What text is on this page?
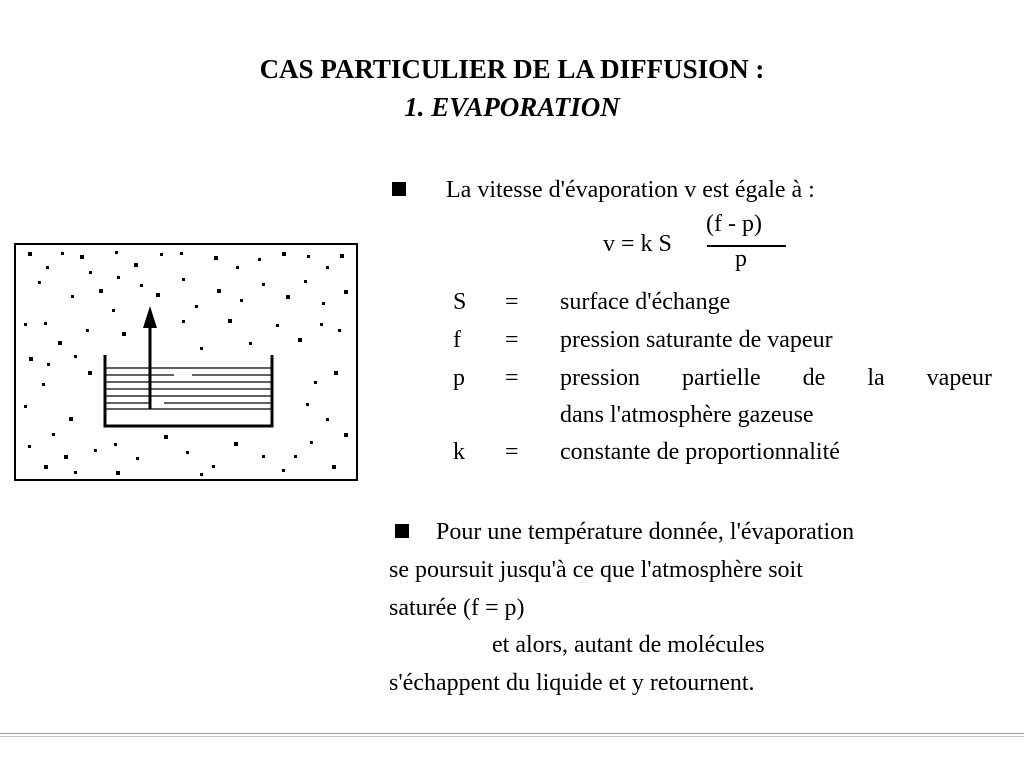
CAS PARTICULIER DE LA DIFFUSION :
1. EVAPORATION
La vitesse d'évaporation v est égale à :
v = k S
(f - p)
p
S = surface d'échange
f = pression saturante de vapeur
p = pression partielle de la vapeur
dans l'atmosphère gazeuse
k = constante de proportionnalité
Pour une température donnée, l'évaporation
se poursuit jusqu'à ce que l'atmosphère soit
saturée (f = p)
et alors, autant de molécules
s'échappent du liquide et y retournent.
